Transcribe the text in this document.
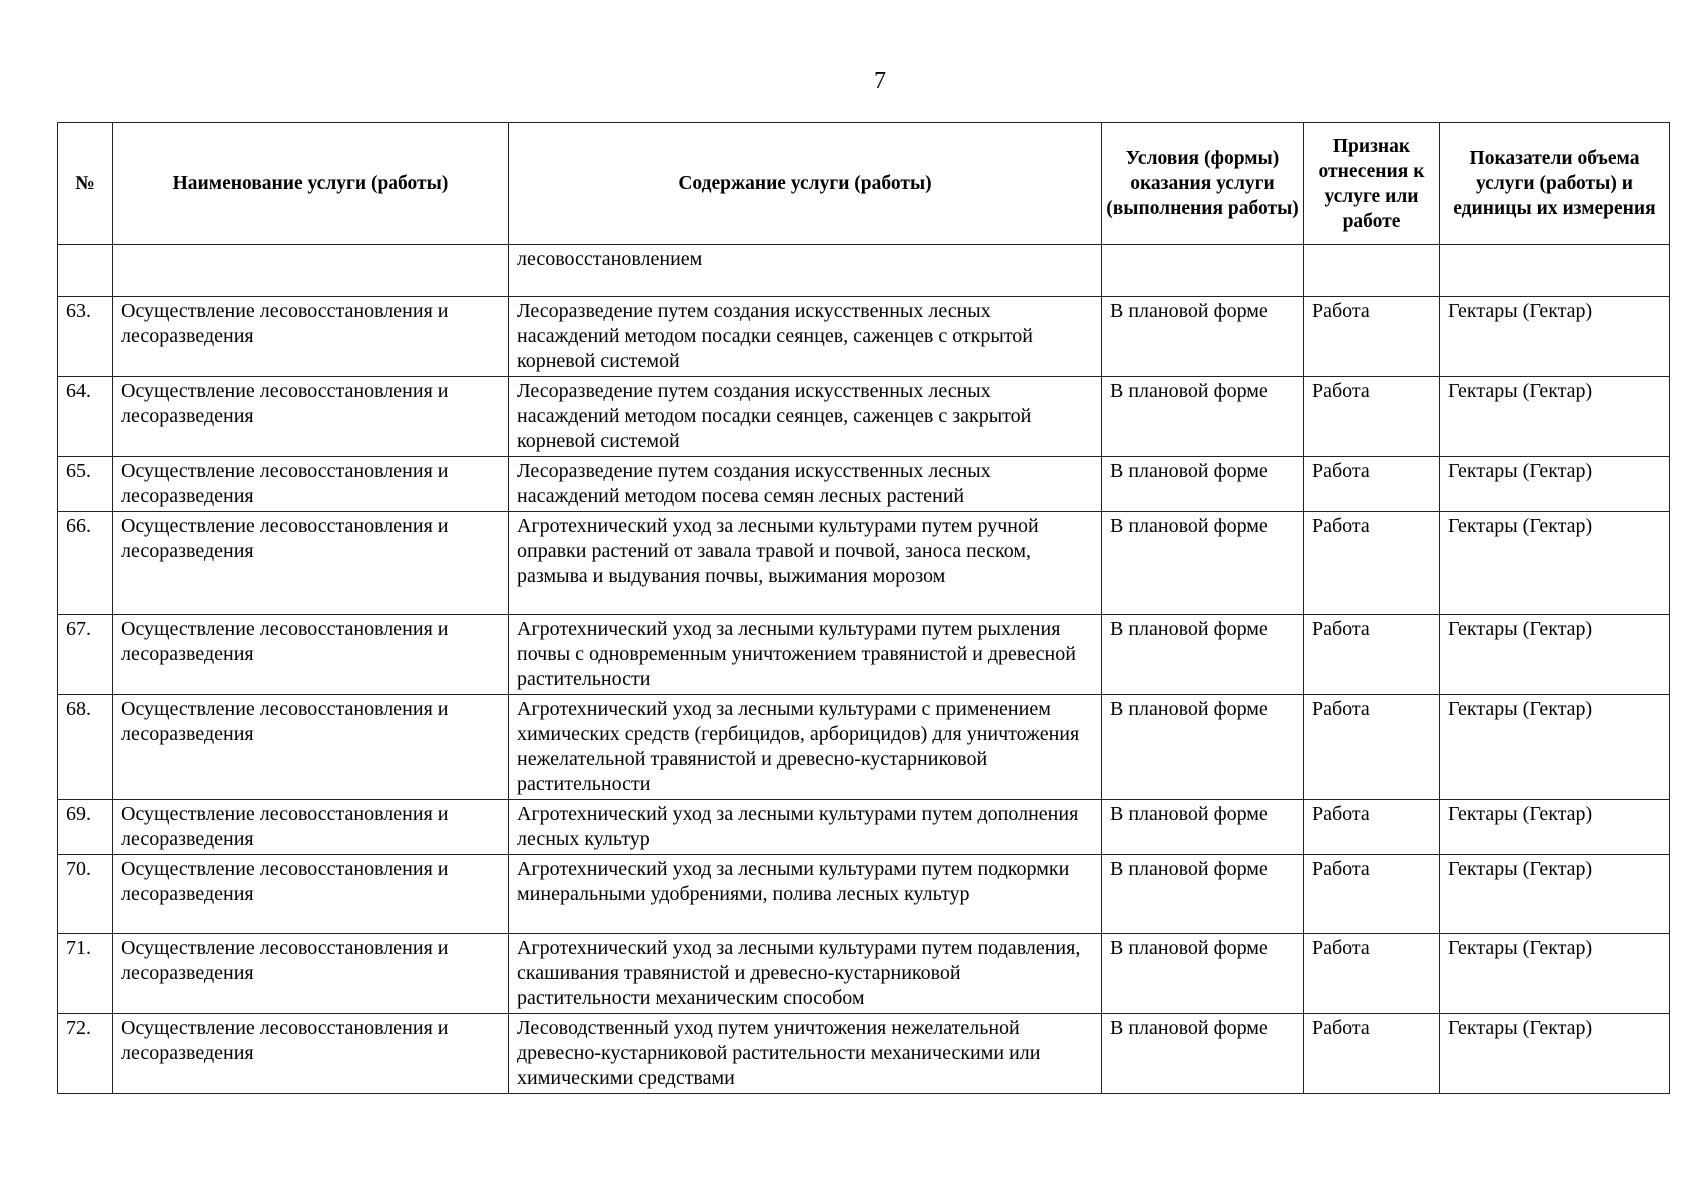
7
№	Наименование услуги (работы)	Содержание услуги (работы)	Условия (формы) оказания услуги (выполнения работы)	Признак отнесения к услуге или работе	Показатели объема услуги (работы) и единицы их измерения
		лесовосстановлением			
63.	Осуществление лесовосстановления и лесоразведения	Лесоразведение путем создания искусственных лесных насаждений методом посадки сеянцев, саженцев с открытой корневой системой	В плановой форме	Работа	Гектары (Гектар)
64.	Осуществление лесовосстановления и лесоразведения	Лесоразведение путем создания искусственных лесных насаждений методом посадки сеянцев, саженцев с закрытой корневой системой	В плановой форме	Работа	Гектары (Гектар)
65.	Осуществление лесовосстановления и лесоразведения	Лесоразведение путем создания искусственных лесных насаждений методом посева семян лесных растений	В плановой форме	Работа	Гектары (Гектар)
66.	Осуществление лесовосстановления и лесоразведения	Агротехнический уход за лесными культурами путем ручной оправки растений от завала травой и почвой, заноса песком, размыва и выдувания почвы, выжимания морозом	В плановой форме	Работа	Гектары (Гектар)
67.	Осуществление лесовосстановления и лесоразведения	Агротехнический уход за лесными культурами путем рыхления почвы с одновременным уничтожением травянистой и древесной растительности	В плановой форме	Работа	Гектары (Гектар)
68.	Осуществление лесовосстановления и лесоразведения	Агротехнический уход за лесными культурами с применением химических средств (гербицидов, арборицидов) для уничтожения нежелательной травянистой и древесно-кустарниковой растительности	В плановой форме	Работа	Гектары (Гектар)
69.	Осуществление лесовосстановления и лесоразведения	Агротехнический уход за лесными культурами путем дополнения лесных культур	В плановой форме	Работа	Гектары (Гектар)
70.	Осуществление лесовосстановления и лесоразведения	Агротехнический уход за лесными культурами путем подкормки минеральными удобрениями, полива лесных культур	В плановой форме	Работа	Гектары (Гектар)
71.	Осуществление лесовосстановления и лесоразведения	Агротехнический уход за лесными культурами путем подавления, скашивания травянистой и древесно-кустарниковой растительности механическим способом	В плановой форме	Работа	Гектары (Гектар)
72.	Осуществление лесовосстановления и лесоразведения	Лесоводственный уход путем уничтожения нежелательной древесно-кустарниковой растительности механическими или химическими средствами	В плановой форме	Работа	Гектары (Гектар)
